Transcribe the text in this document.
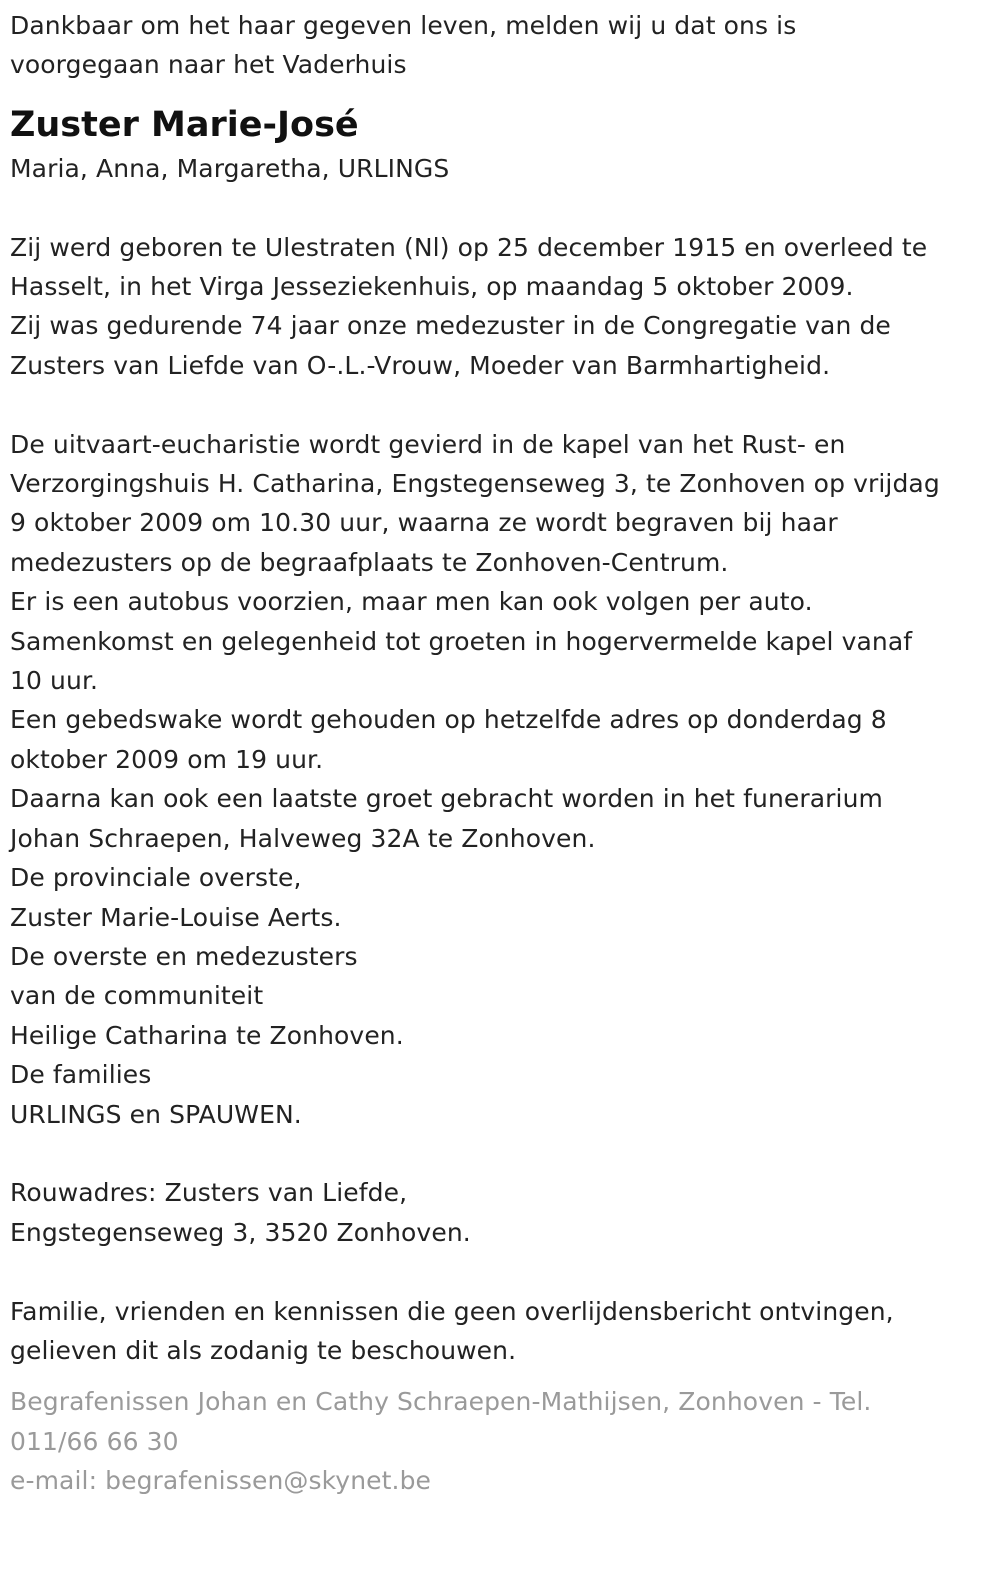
Dankbaar om het haar gegeven leven, melden wij u dat ons is
voorgegaan naar het Vaderhuis
Zuster Marie-José
Maria, Anna, Margaretha, URLINGS
Zij werd geboren te Ulestraten (Nl) op 25 december 1915 en overleed te
Hasselt, in het Virga Jesseziekenhuis, op maandag 5 oktober 2009.
Zij was gedurende 74 jaar onze medezuster in de Congregatie van de
Zusters van Liefde van O-.L.-Vrouw, Moeder van Barmhartigheid.
De uitvaart-eucharistie wordt gevierd in de kapel van het Rust- en
Verzorgingshuis H. Catharina, Engstegenseweg 3, te Zonhoven op vrijdag
9 oktober 2009 om 10.30 uur, waarna ze wordt begraven bij haar
medezusters op de begraafplaats te Zonhoven-Centrum.
Er is een autobus voorzien, maar men kan ook volgen per auto.
Samenkomst en gelegenheid tot groeten in hogervermelde kapel vanaf
10 uur.
Een gebedswake wordt gehouden op hetzelfde adres op donderdag 8
oktober 2009 om 19 uur.
Daarna kan ook een laatste groet gebracht worden in het funerarium
Johan Schraepen, Halveweg 32A te Zonhoven.
De provinciale overste,
Zuster Marie-Louise Aerts.
De overste en medezusters
van de communiteit
Heilige Catharina te Zonhoven.
De families
URLINGS en SPAUWEN.
Rouwadres: Zusters van Liefde,
Engstegenseweg 3, 3520 Zonhoven.
Familie, vrienden en kennissen die geen overlijdensbericht ontvingen,
gelieven dit als zodanig te beschouwen.
Begrafenissen Johan en Cathy Schraepen-Mathijsen, Zonhoven - Tel.
011/66 66 30
e-mail: begrafenissen@skynet.be
